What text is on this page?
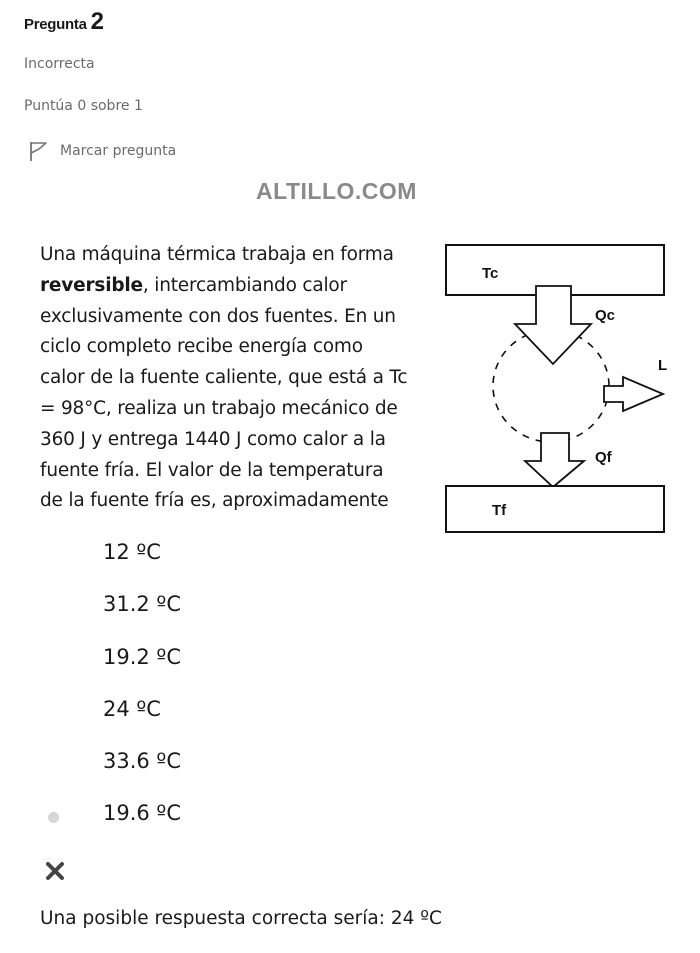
Pregunta 2
Incorrecta
Puntúa 0 sobre 1
Marcar pregunta
ALTILLO.COM
Una máquina térmica trabaja en forma
reversible, intercambiando calor
exclusivamente con dos fuentes. En un
ciclo completo recibe energía como
calor de la fuente caliente, que está a Tc
= 98°C, realiza un trabajo mecánico de
360 J y entrega 1440 J como calor a la
fuente fría. El valor de la temperatura
de la fuente fría es, aproximadamente
Tc
Qc
Qf
L
Tf
12 ºC
31.2 ºC
19.2 ºC
24 ºC
33.6 ºC
19.6 ºC
Una posible respuesta correcta sería: 24 ºC
